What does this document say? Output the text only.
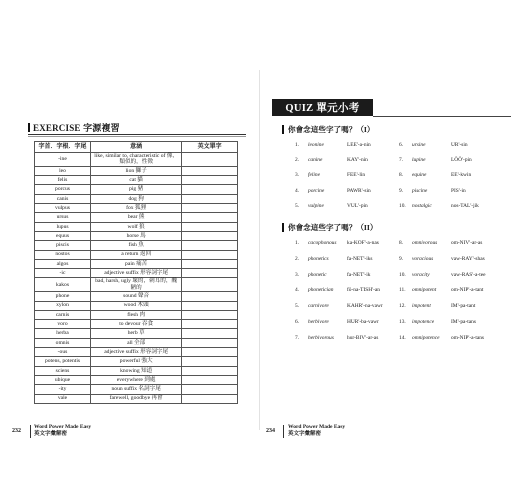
EXERCISE 字源複習
字首．字根．字尾	意涵	英文單字
-ine	like, similar to, characteristic of 像，類似的，性徵	
leo	lion 獅子	
felis	cat 貓	
porcus	pig 豬	
canis	dog 狗	
vulpus	fox 狐狸	
ursus	bear 熊	
lupus	wolf 狼	
equus	horse 馬	
piscis	fish 魚	
nostos	a return 返回	
algos	pain 痛苦	
-ic	adjective suffix 形容詞字尾	
kakos	bad, harsh, ugly 壞的，刺耳的，醜陋的	
phone	sound 聲音	
xylon	wood 木頭	
carnis	flesh 肉	
voro	to devour 吞食	
herba	herb 草	
omnis	all 全部	
-ous	adjective suffix 形容詞字尾	
potens, potentis	powerful 強大	
sciens	knowing 知道	
ubique	everywhere 到處	
-ity	noun suffix 名詞字尾	
vale	farewell, goodbye 再會	
232
Word Power Made Easy
英文字彙解密
QUIZ 單元小考
你會念這些字了嗎？（I）
1. leonine	LEE'-a-nin
2. canine	KAY'-nin
3. feline	FEE'-lin
4. porcine	PAWR'-sin
5. vulpine	VUL'-pin
6. ursine	UR'-sin
7. lupine	LŌŌ'-pin
8. equine	EE'-kwin
9. piscine	PIS'-in
10. nostalgic	nos-TAL'-jik
你會念這些字了嗎？（II）
1. cacophonous ka-KOF'-a-nas
2. phonetics	fa-NET'-iks
3. phonetic	fa-NET'-ik
4. phonetician	fō-na-TISH'-an
5. carnivore	KAHR'-na-vawr
6. herbivore	HUR'-ba-vawr
7. herbivorous hur-BIV'-ar-as
8. omnivorous	om-NIV'-ar-as
9. voracious	vaw-RAY'-shas
10. voracity	vaw-RAS'-a-tee
11. omnipotent	om-NIP'-a-tant
12. impotent	IM'-pa-tant
13. impotence	IM'-pa-tans
14. omnipotence om-NIP'-a-tans
234
Word Power Made Easy
英文字彙解密
